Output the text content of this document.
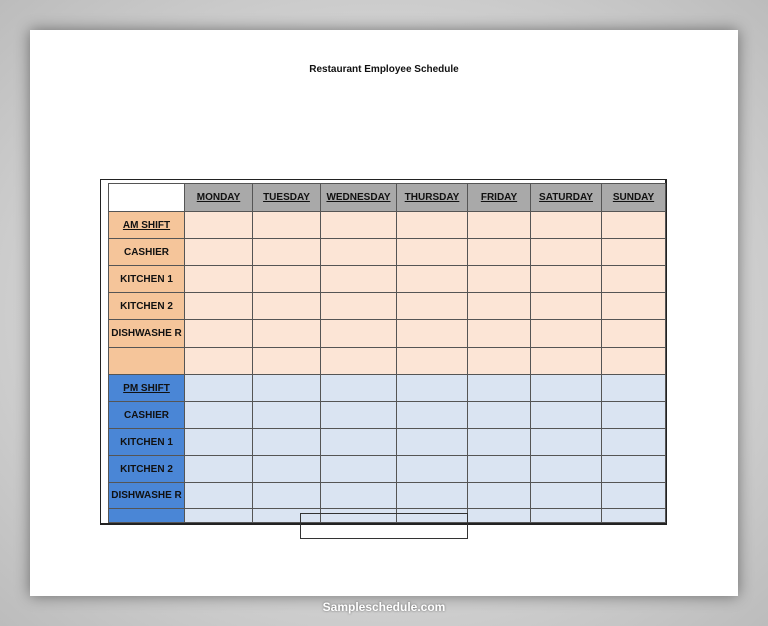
Restaurant Employee Schedule
	MONDAY	TUESDAY	WEDNESDAY	THURSDAY	FRIDAY	SATURDAY	SUNDAY
AM SHIFT							
CASHIER							
KITCHEN 1							
KITCHEN 2							
DISHWASHE R							

PM SHIFT							
CASHIER							
KITCHEN 1							
KITCHEN 2							
DISHWASHE R							

Sampleschedule.com
